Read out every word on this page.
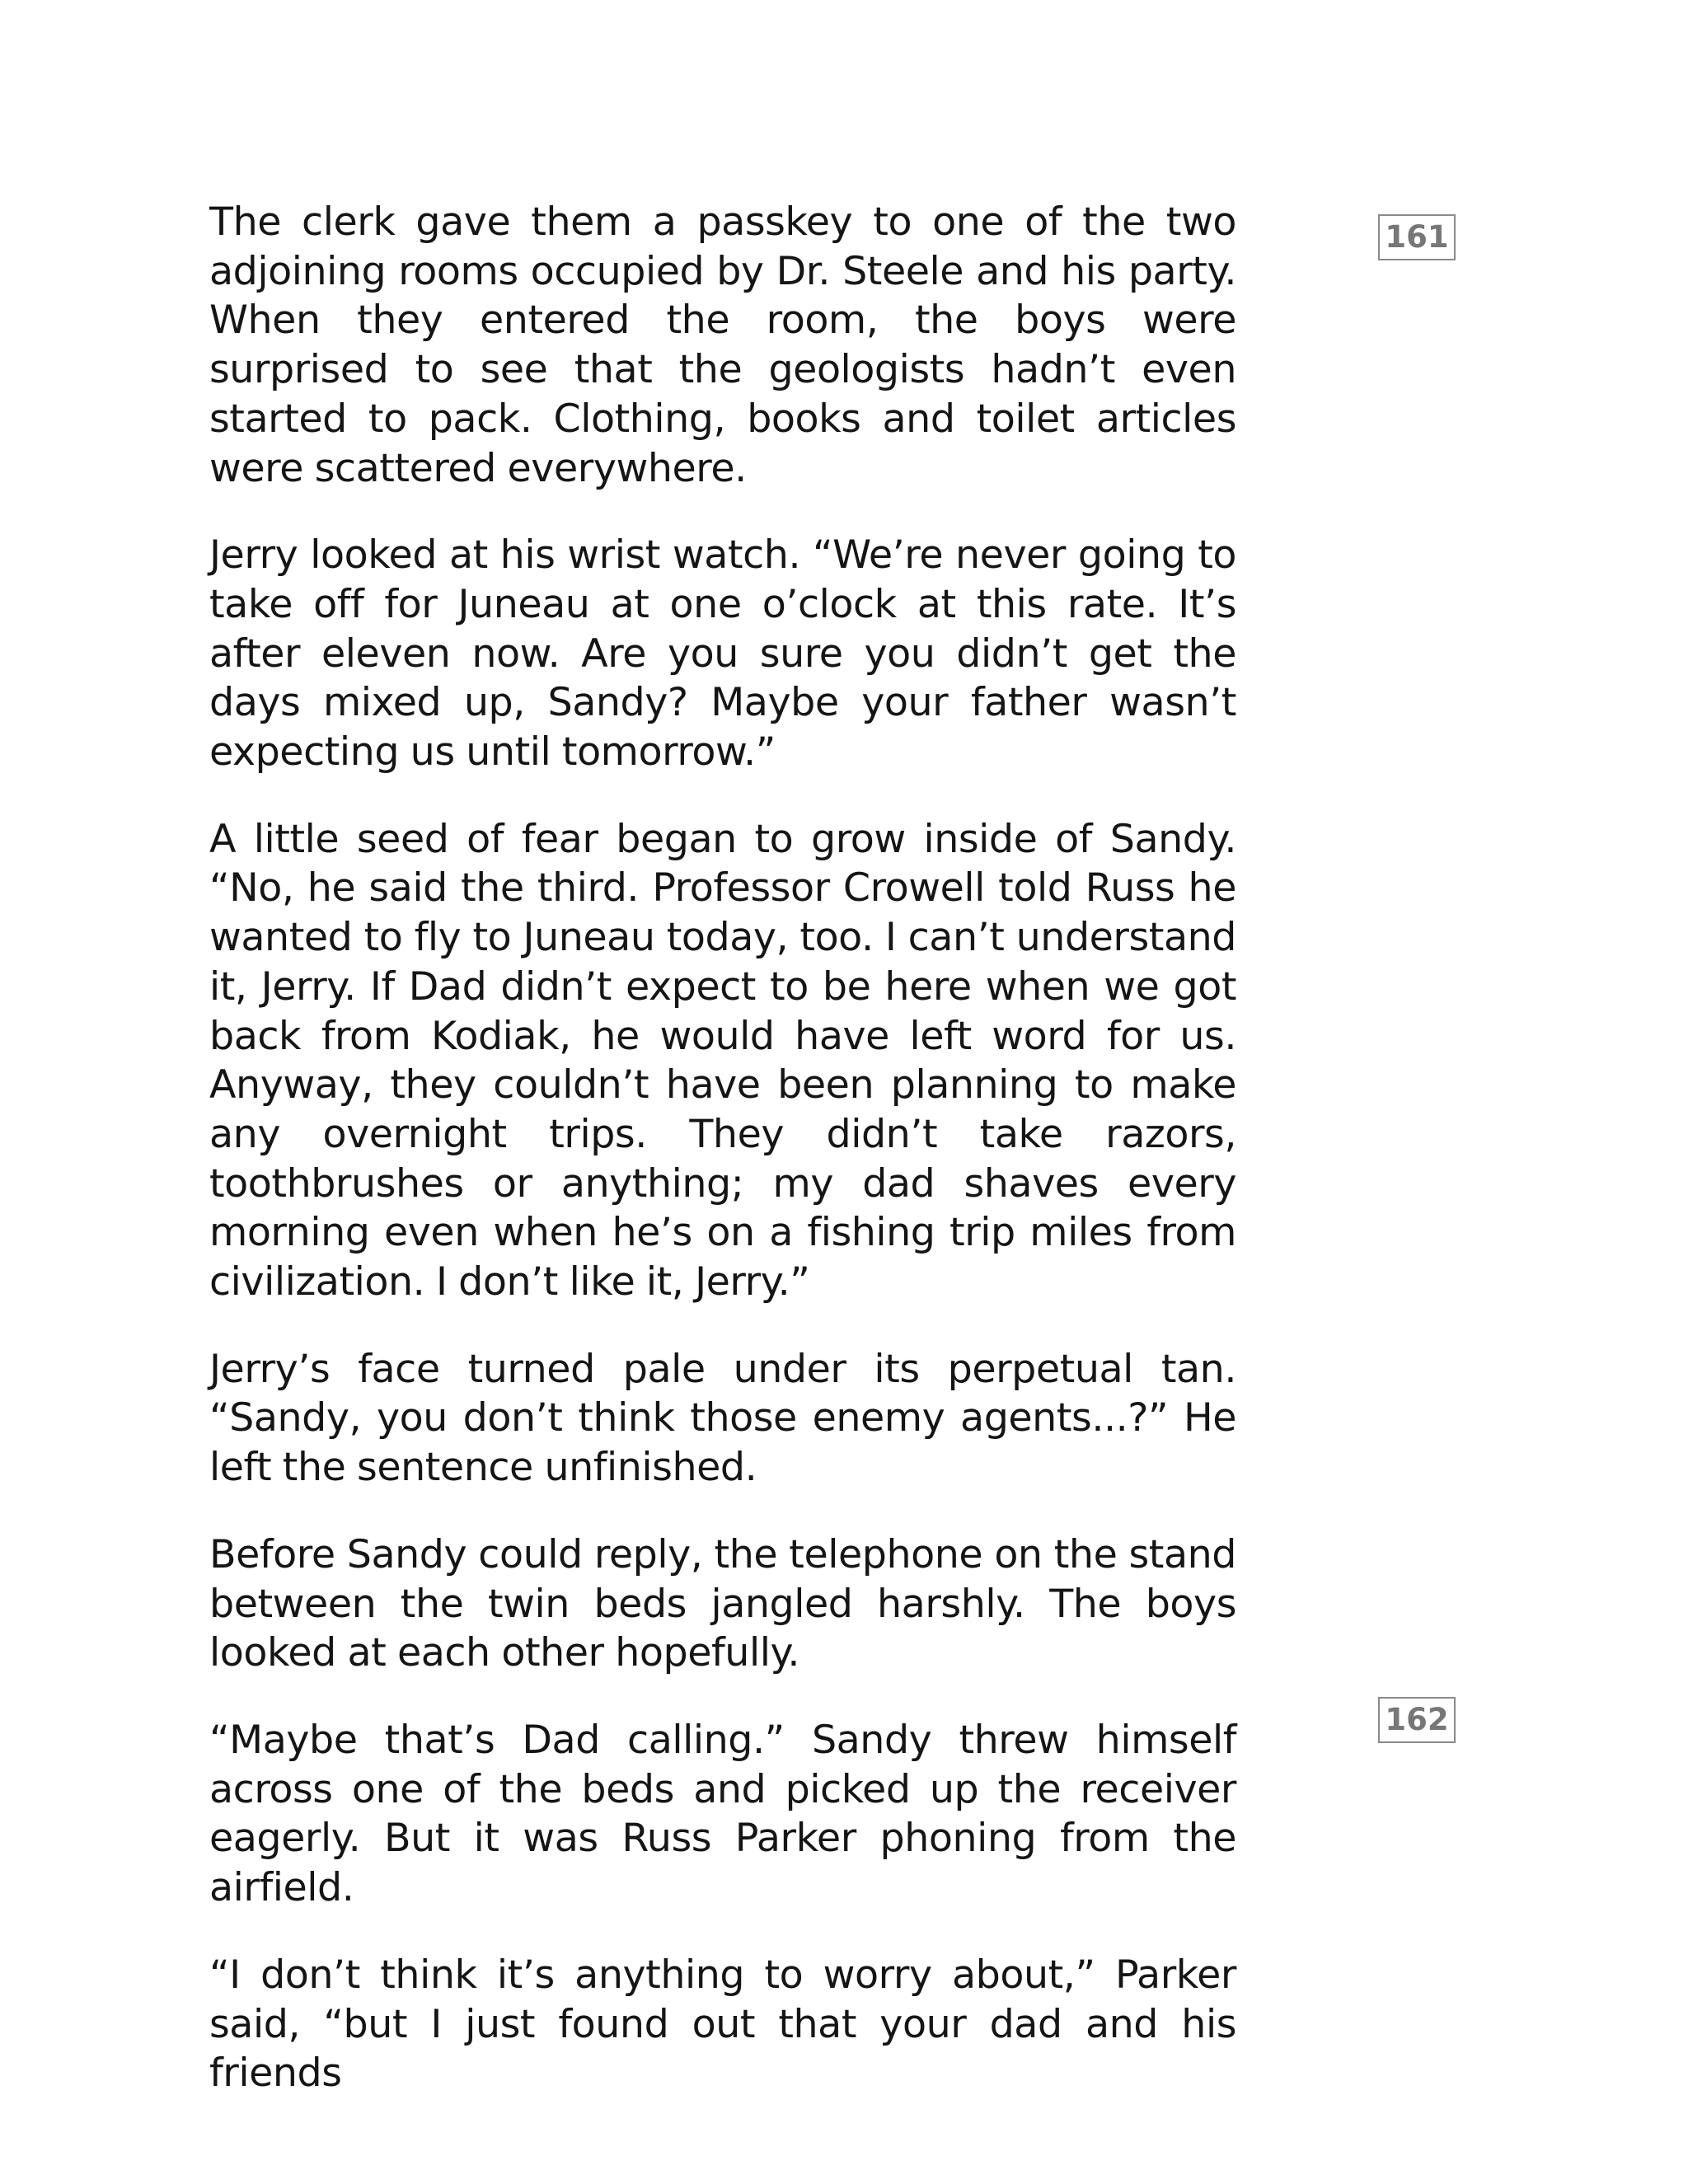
161
162

The clerk gave them a passkey to one of the two adjoining rooms occupied by Dr. Steele and his party. When they entered the room, the boys were surprised to see that the geologists hadn’t even started to pack. Clothing, books and toilet articles were scattered everywhere.

Jerry looked at his wrist watch. “We’re never going to take off for Juneau at one o’clock at this rate. It’s after eleven now. Are you sure you didn’t get the days mixed up, Sandy? Maybe your father wasn’t expecting us until tomorrow.”

A little seed of fear began to grow inside of Sandy. “No, he said the third. Professor Crowell told Russ he wanted to fly to Juneau today, too. I can’t understand it, Jerry. If Dad didn’t expect to be here when we got back from Kodiak, he would have left word for us. Anyway, they couldn’t have been planning to make any overnight trips. They didn’t take razors, toothbrushes or anything; my dad shaves every morning even when he’s on a fishing trip miles from civilization. I don’t like it, Jerry.”

Jerry’s face turned pale under its perpetual tan. “Sandy, you don’t think those enemy agents...?” He left the sentence unfinished.

Before Sandy could reply, the telephone on the stand between the twin beds jangled harshly. The boys looked at each other hopefully.

“Maybe that’s Dad calling.” Sandy threw himself across one of the beds and picked up the receiver eagerly. But it was Russ Parker phoning from the airfield.

“I don’t think it’s anything to worry about,” Parker said, “but I just found out that your dad and his friends
